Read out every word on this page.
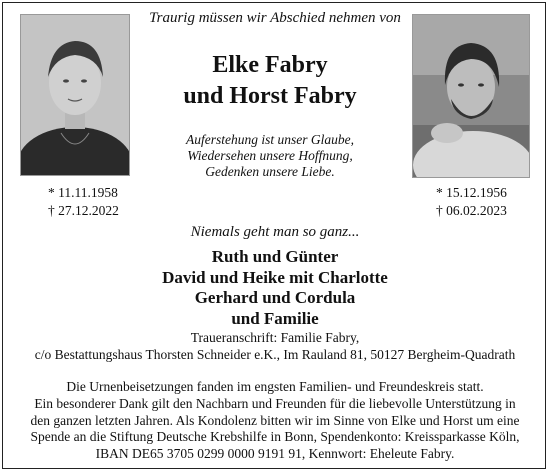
Traurig müssen wir Abschied nehmen von
Elke Fabry
und Horst Fabry
Auferstehung ist unser Glaube,
Wiedersehen unsere Hoffnung,
Gedenken unsere Liebe.
* 11.11.1958
† 27.12.2022
* 15.12.1956
† 06.02.2023
Niemals geht man so ganz...
Ruth und Günter
David und Heike mit Charlotte
Gerhard und Cordula
und Familie
Traueranschrift: Familie Fabry,
c/o Bestattungshaus Thorsten Schneider e.K., Im Rauland 81, 50127 Bergheim-Quadrath
Die Urnenbeisetzungen fanden im engsten Familien- und Freundeskreis statt.
Ein besonderer Dank gilt den Nachbarn und Freunden für die liebevolle Unterstützung in
den ganzen letzten Jahren. Als Kondolenz bitten wir im Sinne von Elke und Horst um eine
Spende an die Stiftung Deutsche Krebshilfe in Bonn, Spendenkonto: Kreissparkasse Köln,
IBAN DE65 3705 0299 0000 9191 91, Kennwort: Eheleute Fabry.
